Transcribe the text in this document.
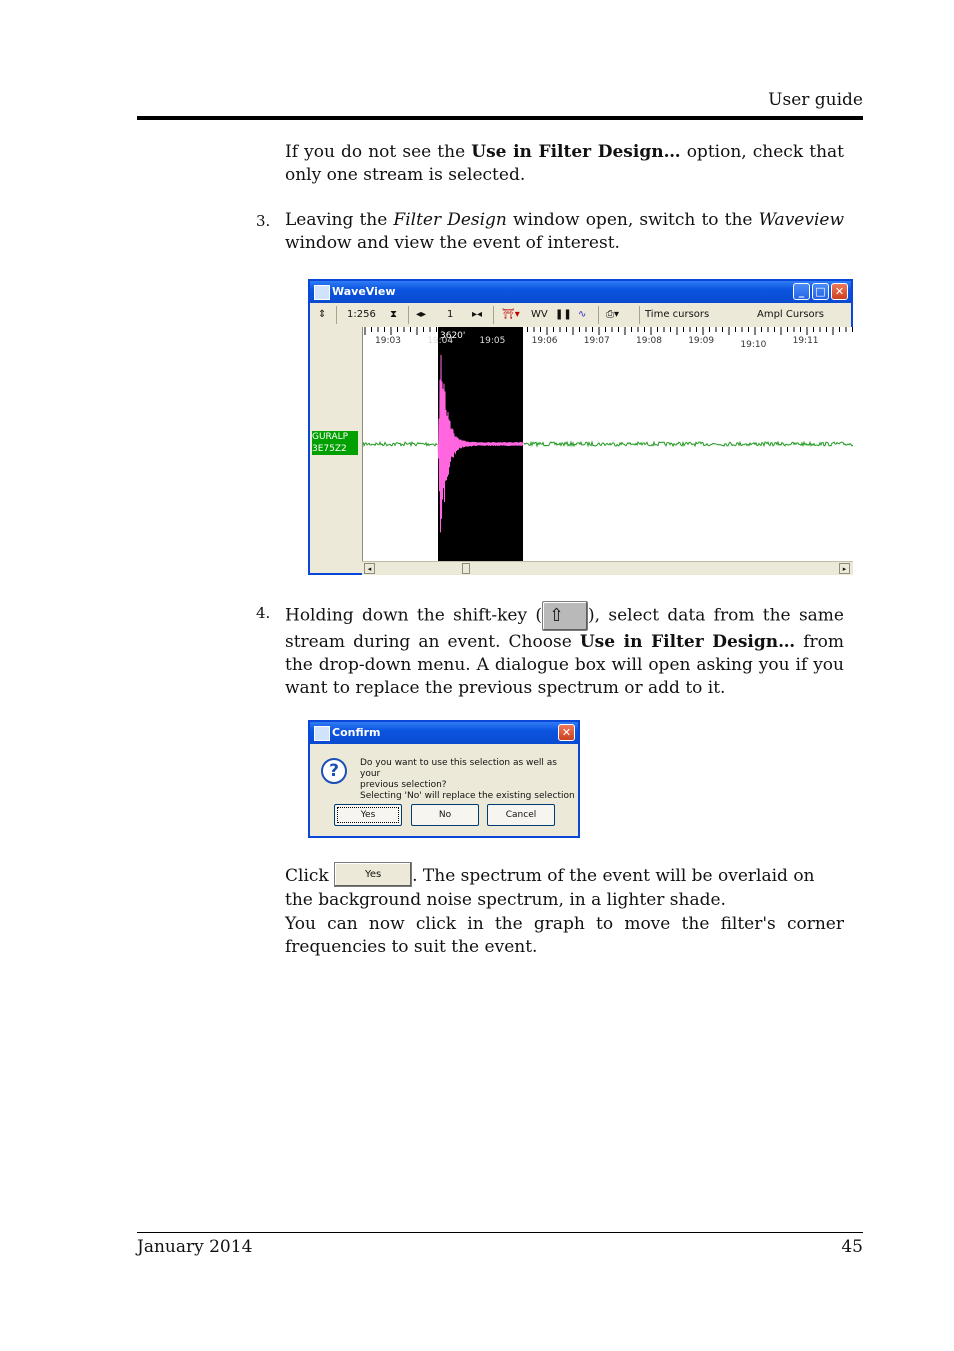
User guide

If you do not see the Use in Filter Design… option, check that only one stream is selected.

3. Leaving the Filter Design window open, switch to the Waveview window and view the event of interest.

WaveView	_	□ ✕
⇕ 1:256 ⧗ ◂▸ 1 ▸◂ ⛩▾ WV ❚❚ ∿ ⎙▾	Time cursors	Ampl Cursors
GURALP
3E75Z2
19:03	19:04	19:05	19:06	19:07	19:08	19:09	19:10	19:11
3620'
◂	▸
4. Holding down the shift-key ( ⇧ ), select data from the same stream during an event. Choose Use in Filter Design… from the drop-down menu. A dialogue box will open asking you if you want to replace the previous spectrum or add to it.

Confirm	✕
?	Do you want to use this selection as well as your
previous selection?
Selecting 'No' will replace the existing selection
Yes	No	Cancel

Click	Yes . The spectrum of the event will be overlaid on the background noise spectrum, in a lighter shade.

You can now click in the graph to move the filter's corner frequencies to suit the event.

January 2014	45
